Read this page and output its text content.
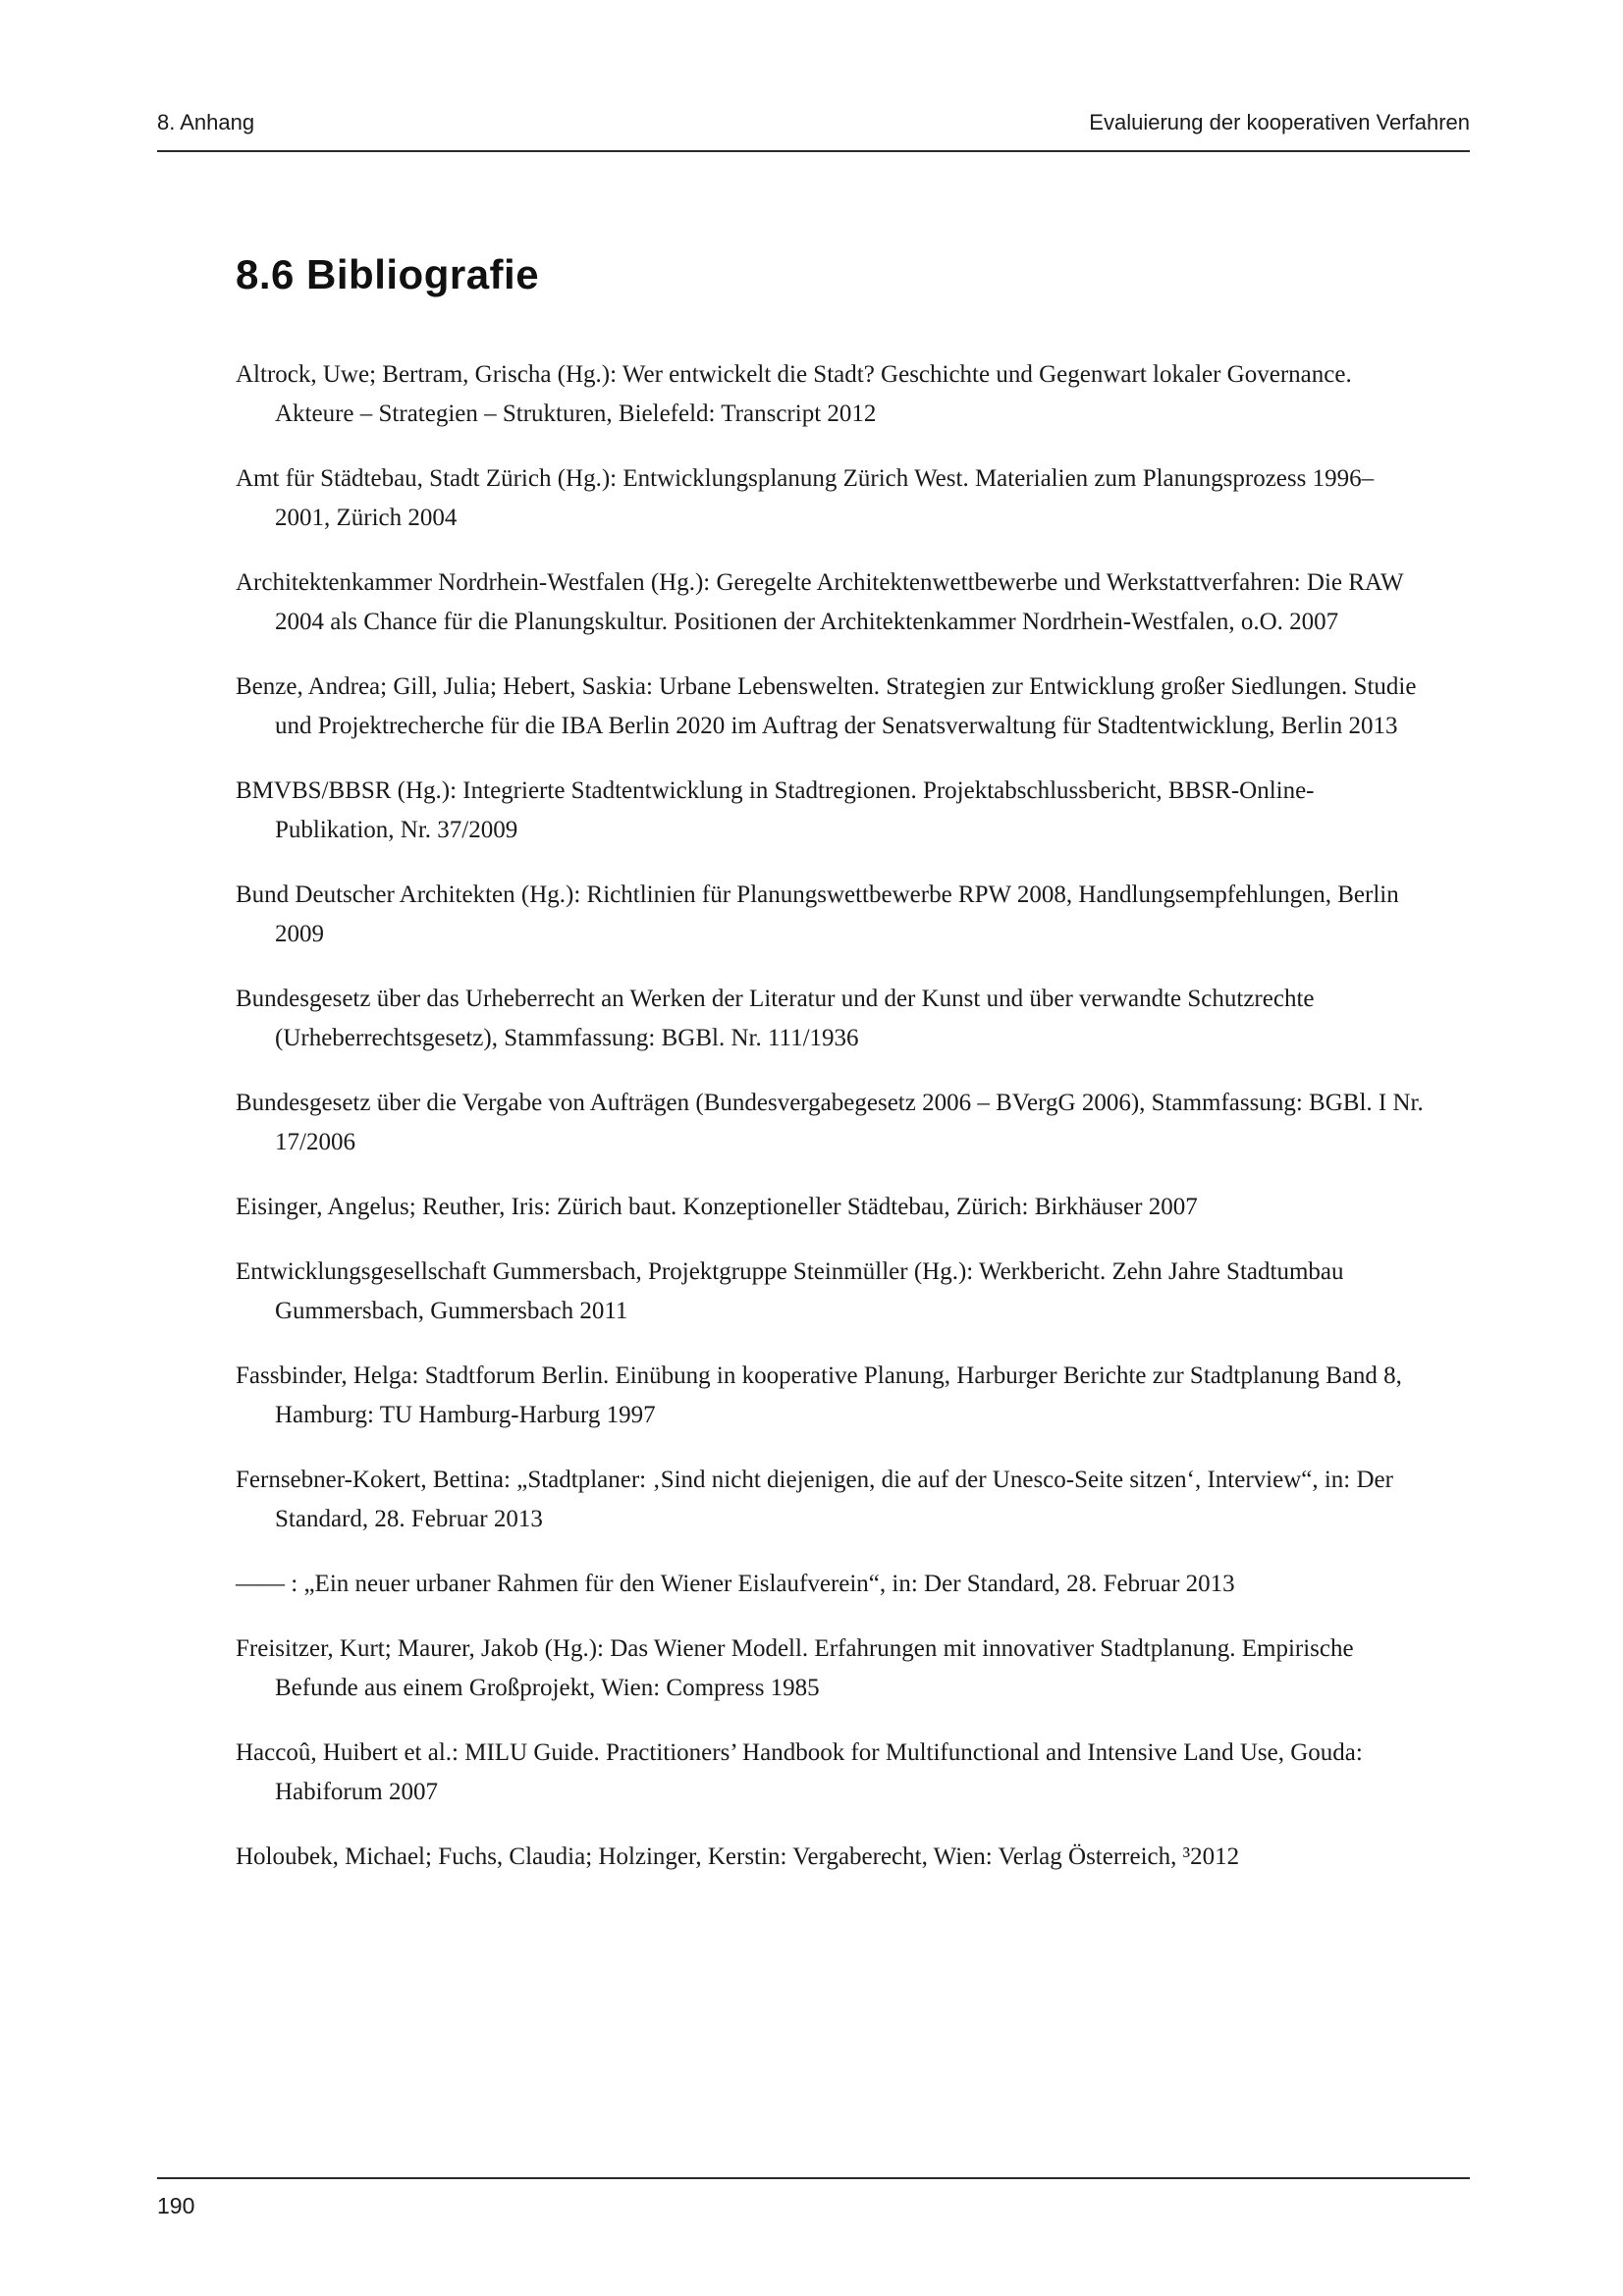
8. Anhang	Evaluierung der kooperativen Verfahren
8.6 Bibliografie

Altrock, Uwe; Bertram, Grischa (Hg.): Wer entwickelt die Stadt? Geschichte und Gegenwart lokaler Governance. Akteure – Strategien – Strukturen, Bielefeld: Transcript 2012

Amt für Städtebau, Stadt Zürich (Hg.): Entwicklungsplanung Zürich West. Materialien zum Planungsprozess 1996–2001, Zürich 2004

Architektenkammer Nordrhein-Westfalen (Hg.): Geregelte Architektenwettbewerbe und Werkstattverfahren: Die RAW 2004 als Chance für die Planungskultur. Positionen der Architektenkammer Nordrhein-Westfalen, o.O. 2007

Benze, Andrea; Gill, Julia; Hebert, Saskia: Urbane Lebenswelten. Strategien zur Entwicklung großer Siedlungen. Studie und Projektrecherche für die IBA Berlin 2020 im Auftrag der Senatsverwaltung für Stadtentwicklung, Berlin 2013

BMVBS/BBSR (Hg.): Integrierte Stadtentwicklung in Stadtregionen. Projektabschlussbericht, BBSR-Online-Publikation, Nr. 37/2009

Bund Deutscher Architekten (Hg.): Richtlinien für Planungswettbewerbe RPW 2008, Handlungsempfehlungen, Berlin 2009

Bundesgesetz über das Urheberrecht an Werken der Literatur und der Kunst und über verwandte Schutzrechte (Urheberrechtsgesetz), Stammfassung: BGBl. Nr. 111/1936

Bundesgesetz über die Vergabe von Aufträgen (Bundesvergabegesetz 2006 – BVergG 2006), Stammfassung: BGBl. I Nr. 17/2006

Eisinger, Angelus; Reuther, Iris: Zürich baut. Konzeptioneller Städtebau, Zürich: Birkhäuser 2007

Entwicklungsgesellschaft Gummersbach, Projektgruppe Steinmüller (Hg.): Werkbericht. Zehn Jahre Stadtumbau Gummersbach, Gummersbach 2011

Fassbinder, Helga: Stadtforum Berlin. Einübung in kooperative Planung, Harburger Berichte zur Stadtplanung Band 8, Hamburg: TU Hamburg-Harburg 1997

Fernsebner-Kokert, Bettina: „Stadtplaner: ‚Sind nicht diejenigen, die auf der Unesco-Seite sitzen‘, Interview“, in: Der Standard, 28. Februar 2013

—— : „Ein neuer urbaner Rahmen für den Wiener Eislaufverein“, in: Der Standard, 28. Februar 2013

Freisitzer, Kurt; Maurer, Jakob (Hg.): Das Wiener Modell. Erfahrungen mit innovativer Stadtplanung. Empirische Befunde aus einem Großprojekt, Wien: Compress 1985

Haccoû, Huibert et al.: MILU Guide. Practitioners’ Handbook for Multifunctional and Intensive Land Use, Gouda: Habiforum 2007

Holoubek, Michael; Fuchs, Claudia; Holzinger, Kerstin: Vergaberecht, Wien: Verlag Österreich, ³2012

190
